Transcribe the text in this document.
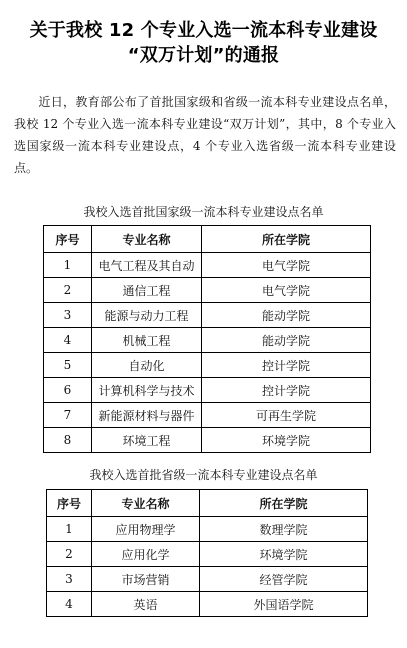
关于我校 12 个专业入选一流本科专业建设
“双万计划”的通报

近日，教育部公布了首批国家级和省级一流本科专业建设点名单，我校 12 个专业入选一流本科专业建设“双万计划”，其中，8 个专业入选国家级一流本科专业建设点，4 个专业入选省级一流本科专业建设点。

我校入选首批国家级一流本科专业建设点名单
序号	专业名称	所在学院
1	电气工程及其自动	电气学院
2	通信工程	电气学院
3	能源与动力工程	能动学院
4	机械工程	能动学院
5	自动化	控计学院
6	计算机科学与技术	控计学院
7	新能源材料与器件	可再生学院
8	环境工程	环境学院
我校入选首批省级一流本科专业建设点名单
序号	专业名称	所在学院
1	应用物理学	数理学院
2	应用化学	环境学院
3	市场营销	经管学院
4	英语	外国语学院
